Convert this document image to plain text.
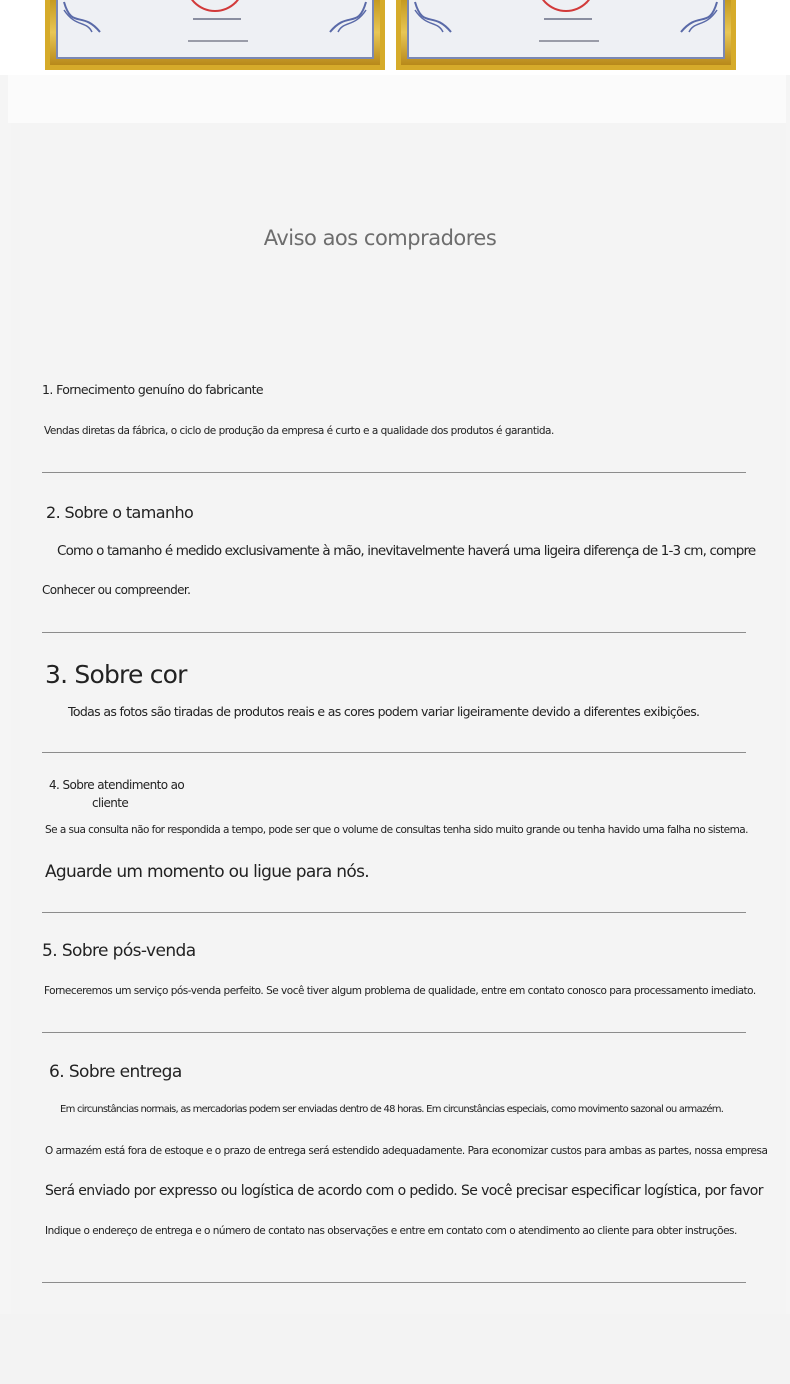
Aviso aos compradores
1. Fornecimento genuíno do fabricante
Vendas diretas da fábrica, o ciclo de produção da empresa é curto e a qualidade dos produtos é garantida.
2. Sobre o tamanho
Como o tamanho é medido exclusivamente à mão, inevitavelmente haverá uma ligeira diferença de 1-3 cm, compre
Conhecer ou compreender.
3. Sobre cor
Todas as fotos são tiradas de produtos reais e as cores podem variar ligeiramente devido a diferentes exibições.
4. Sobre atendimento ao
cliente
Se a sua consulta não for respondida a tempo, pode ser que o volume de consultas tenha sido muito grande ou tenha havido uma falha no sistema.
Aguarde um momento ou ligue para nós.
5. Sobre pós-venda
Forneceremos um serviço pós-venda perfeito. Se você tiver algum problema de qualidade, entre em contato conosco para processamento imediato.
6. Sobre entrega
Em circunstâncias normais, as mercadorias podem ser enviadas dentro de 48 horas. Em circunstâncias especiais, como movimento sazonal ou armazém.
O armazém está fora de estoque e o prazo de entrega será estendido adequadamente. Para economizar custos para ambas as partes, nossa empresa
Será enviado por expresso ou logística de acordo com o pedido. Se você precisar especificar logística, por favor
Indique o endereço de entrega e o número de contato nas observações e entre em contato com o atendimento ao cliente para obter instruções.
